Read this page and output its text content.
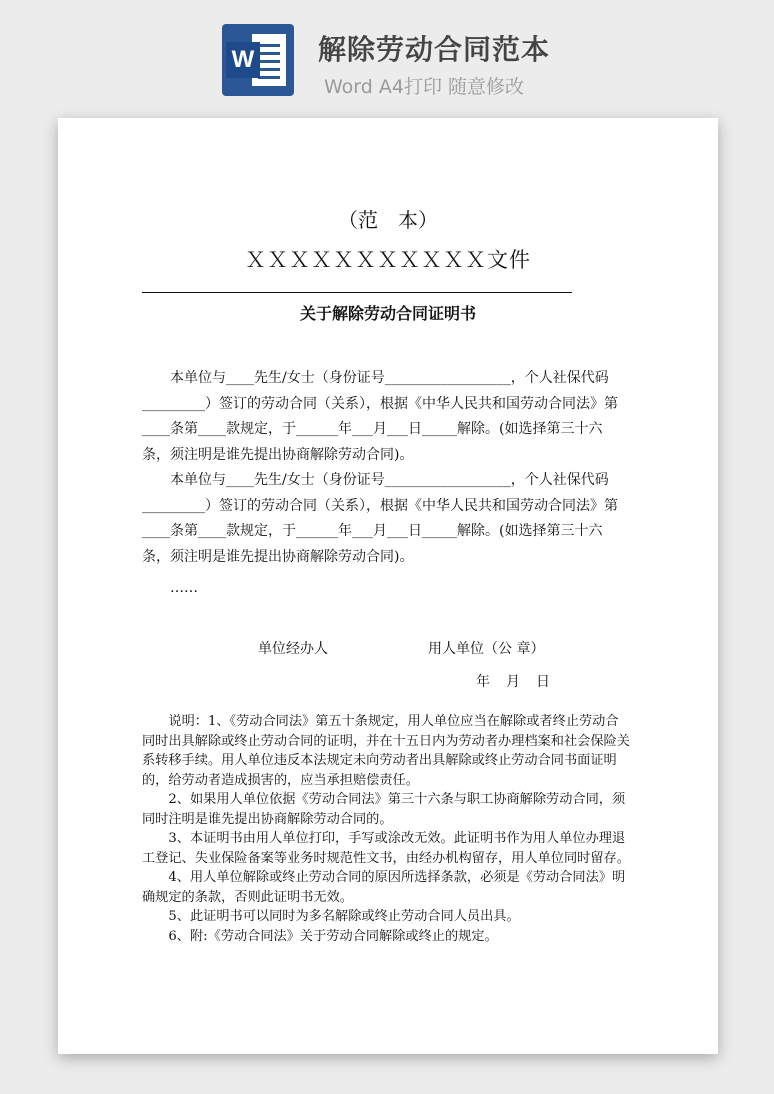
W 解除劳动合同范本
Word A4打印 随意修改
（范　本）
ＸＸＸＸＸＸＸＸＸＸＸ文件
关于解除劳动合同证明书

本单位与____先生/女士（身份证号__________________，个人社保代码_________）签订的劳动合同（关系），根据《中华人民共和国劳动合同法》第____条第____款规定，于______年___月___日_____解除。(如选择第三十六条，须注明是谁先提出协商解除劳动合同)。

本单位与____先生/女士（身份证号__________________，个人社保代码_________）签订的劳动合同（关系），根据《中华人民共和国劳动合同法》第____条第____款规定，于______年___月___日_____解除。(如选择第三十六条，须注明是谁先提出协商解除劳动合同)。

……

单位经办人	用人单位（公 章）
年　月　日

说明：1、《劳动合同法》第五十条规定，用人单位应当在解除或者终止劳动合同时出具解除或终止劳动合同的证明，并在十五日内为劳动者办理档案和社会保险关系转移手续。用人单位违反本法规定未向劳动者出具解除或终止劳动合同书面证明的，给劳动者造成损害的，应当承担赔偿责任。

2、如果用人单位依据《劳动合同法》第三十六条与职工协商解除劳动合同，须同时注明是谁先提出协商解除劳动合同的。

3、本证明书由用人单位打印，手写或涂改无效。此证明书作为用人单位办理退工登记、失业保险备案等业务时规范性文书，由经办机构留存，用人单位同时留存。

4、用人单位解除或终止劳动合同的原因所选择条款，必须是《劳动合同法》明确规定的条款，否则此证明书无效。

5、此证明书可以同时为多名解除或终止劳动合同人员出具。

6、附:《劳动合同法》关于劳动合同解除或终止的规定。
